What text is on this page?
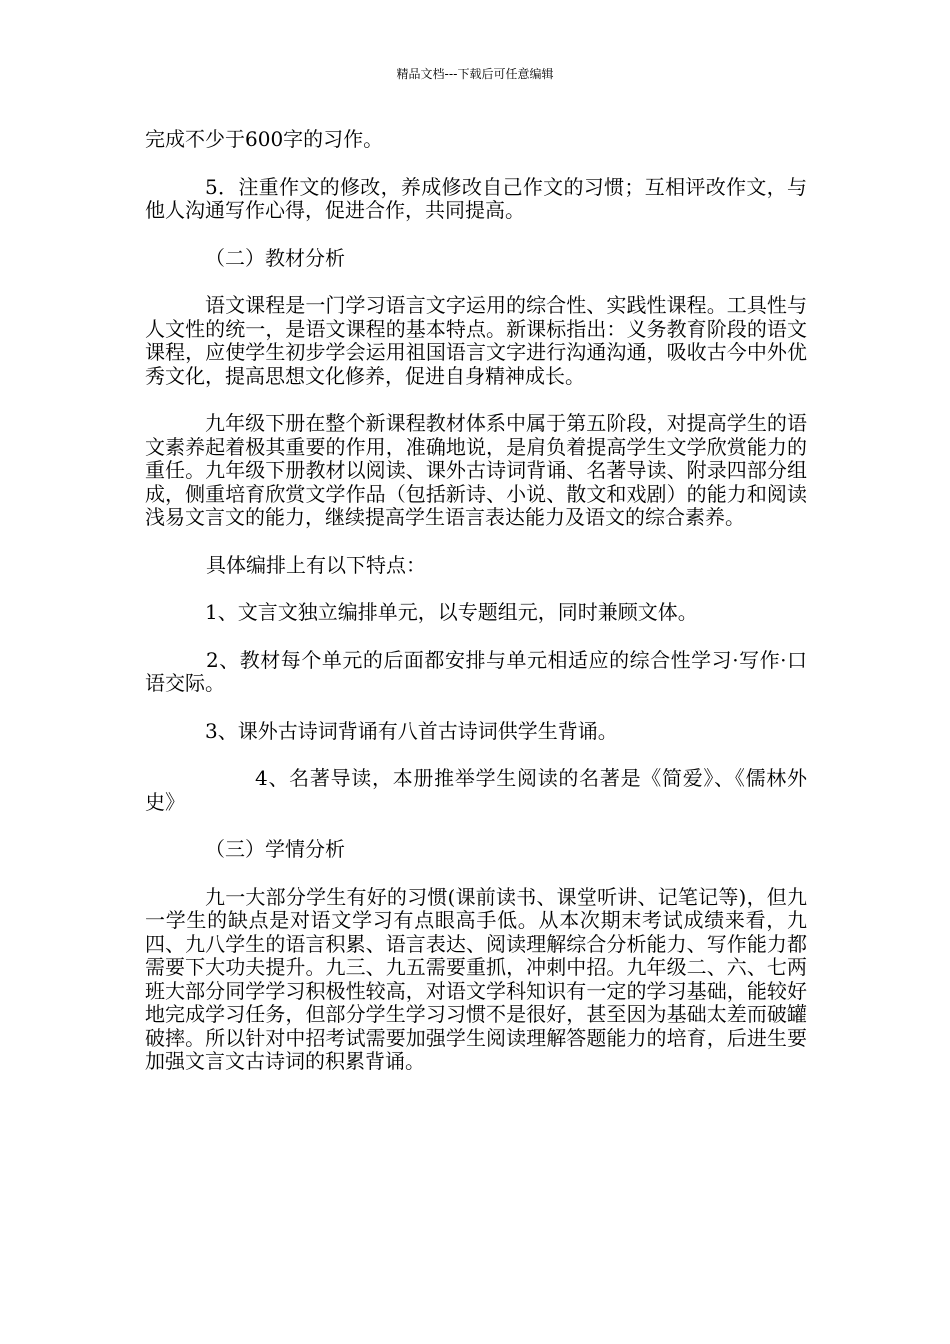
精品文档---下载后可任意编辑

完成不少于600字的习作。

5．注重作文的修改，养成修改自己作文的习惯；互相评改作文，与他人沟通写作心得，促进合作，共同提高。

（二）教材分析

语文课程是一门学习语言文字运用的综合性、实践性课程。工具性与人文性的统一，是语文课程的基本特点。新课标指出：义务教育阶段的语文课程，应使学生初步学会运用祖国语言文字进行沟通沟通，吸收古今中外优秀文化，提高思想文化修养，促进自身精神成长。

九年级下册在整个新课程教材体系中属于第五阶段，对提高学生的语文素养起着极其重要的作用，准确地说，是肩负着提高学生文学欣赏能力的重任。九年级下册教材以阅读、课外古诗词背诵、名著导读、附录四部分组成，侧重培育欣赏文学作品（包括新诗、小说、散文和戏剧）的能力和阅读浅易文言文的能力，继续提高学生语言表达能力及语文的综合素养。

具体编排上有以下特点：

1、文言文独立编排单元，以专题组元，同时兼顾文体。

2、教材每个单元的后面都安排与单元相适应的综合性学习·写作·口语交际。

3、课外古诗词背诵有八首古诗词供学生背诵。

4、名著导读，本册推举学生阅读的名著是《简爱》、《儒林外史》

（三）学情分析

九一大部分学生有好的习惯(课前读书、课堂听讲、记笔记等)，但九一学生的缺点是对语文学习有点眼高手低。从本次期末考试成绩来看，九四、九八学生的语言积累、语言表达、阅读理解综合分析能力、写作能力都需要下大功夫提升。九三、九五需要重抓，冲刺中招。九年级二、六、七两班大部分同学学习积极性较高，对语文学科知识有一定的学习基础，能较好地完成学习任务，但部分学生学习习惯不是很好，甚至因为基础太差而破罐破摔。所以针对中招考试需要加强学生阅读理解答题能力的培育，后进生要加强文言文古诗词的积累背诵。
